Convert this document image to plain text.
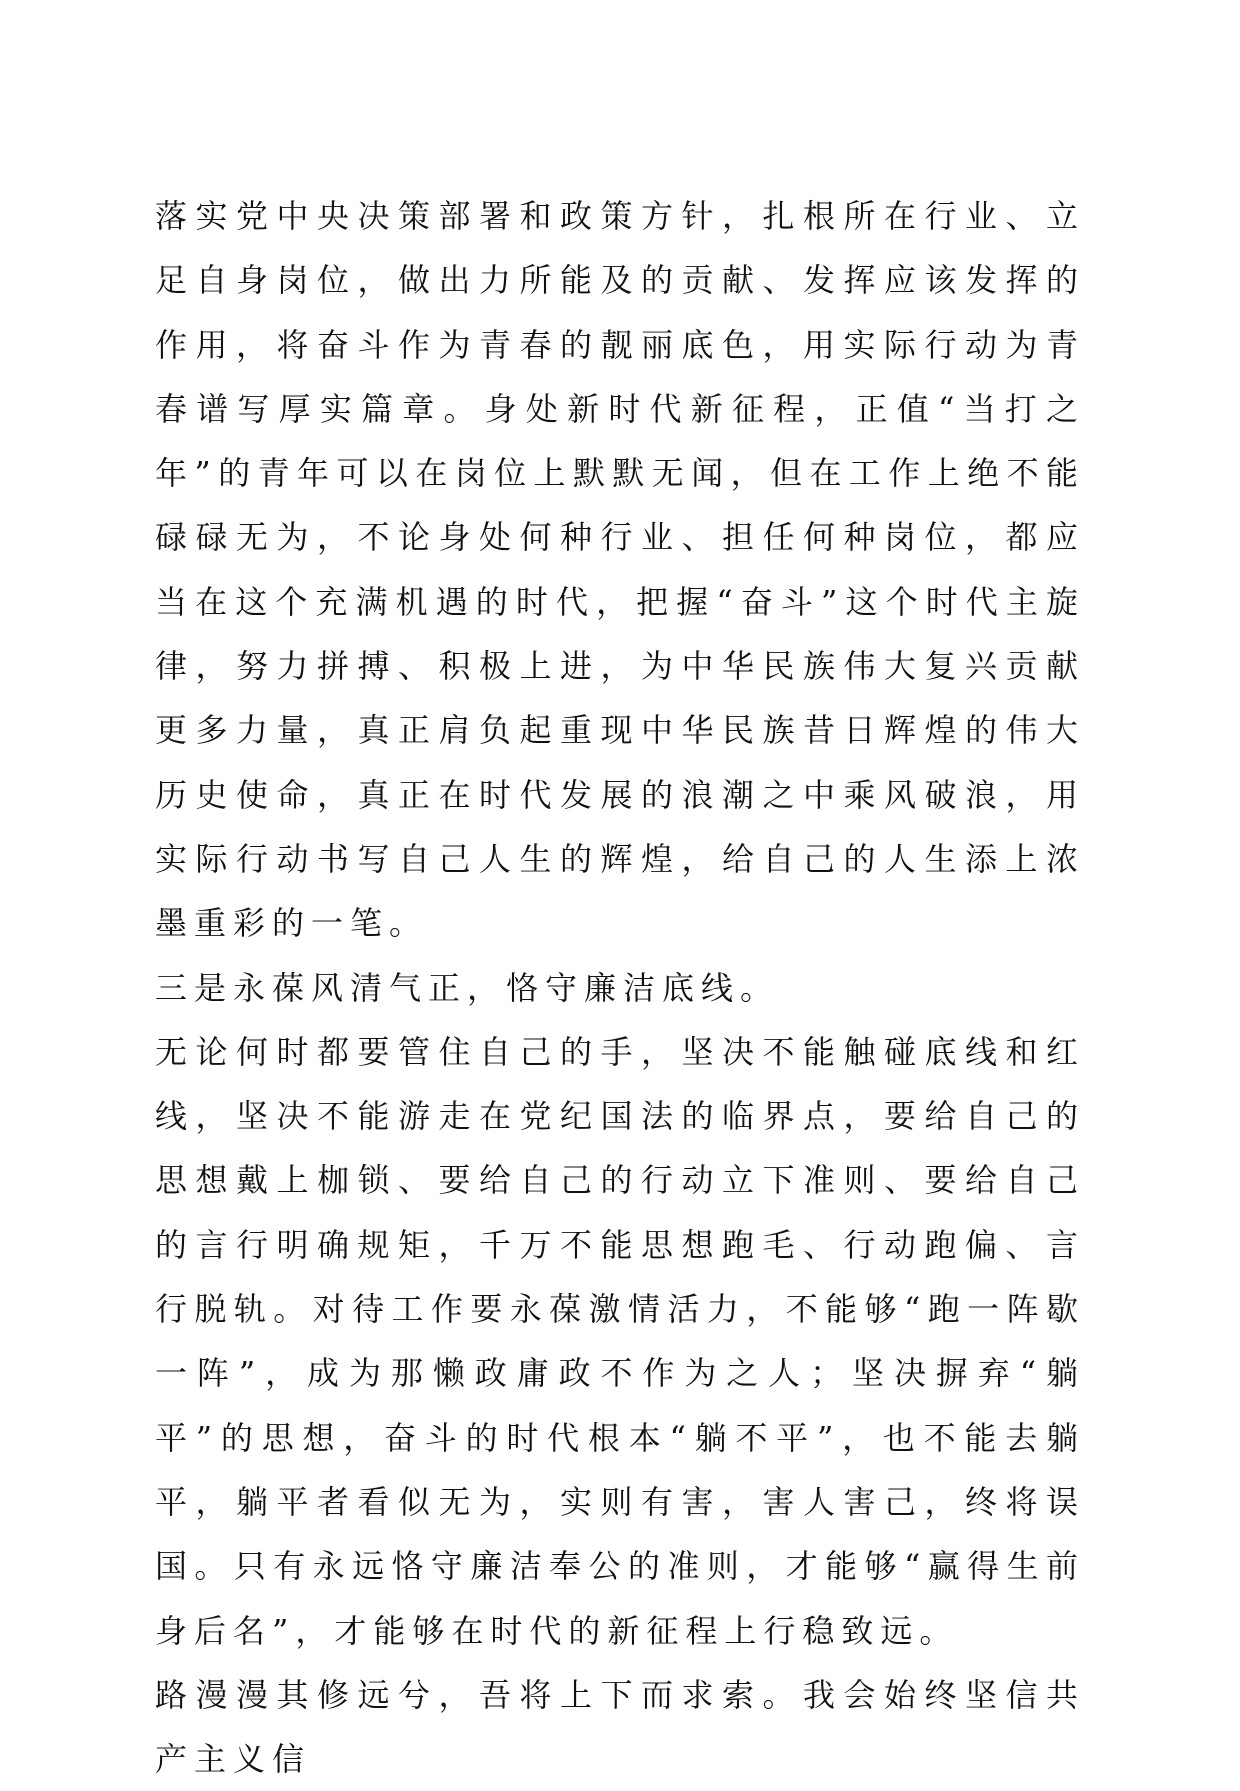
落实党中央决策部署和政策方针，扎根所在行业、立足自身岗位，做出力所能及的贡献、发挥应该发挥的作用，将奋斗作为青春的靓丽底色，用实际行动为青春谱写厚实篇章。身处新时代新征程，正值“当打之年”的青年可以在岗位上默默无闻，但在工作上绝不能碌碌无为，不论身处何种行业、担任何种岗位，都应当在这个充满机遇的时代，把握“奋斗”这个时代主旋律，努力拼搏、积极上进，为中华民族伟大复兴贡献更多力量，真正肩负起重现中华民族昔日辉煌的伟大历史使命，真正在时代发展的浪潮之中乘风破浪，用实际行动书写自己人生的辉煌，给自己的人生添上浓墨重彩的一笔。

三是永葆风清气正，恪守廉洁底线。

无论何时都要管住自己的手，坚决不能触碰底线和红线，坚决不能游走在党纪国法的临界点，要给自己的思想戴上枷锁、要给自己的行动立下准则、要给自己的言行明确规矩，千万不能思想跑毛、行动跑偏、言行脱轨。对待工作要永葆激情活力，不能够“跑一阵歇一阵”，成为那懒政庸政不作为之人；坚决摒弃“躺平”的思想，奋斗的时代根本“躺不平”，也不能去躺平，躺平者看似无为，实则有害，害人害己，终将误国。只有永远恪守廉洁奉公的准则，才能够“赢得生前身后名”，才能够在时代的新征程上行稳致远。

路漫漫其修远兮，吾将上下而求索。我会始终坚信共产主义信
